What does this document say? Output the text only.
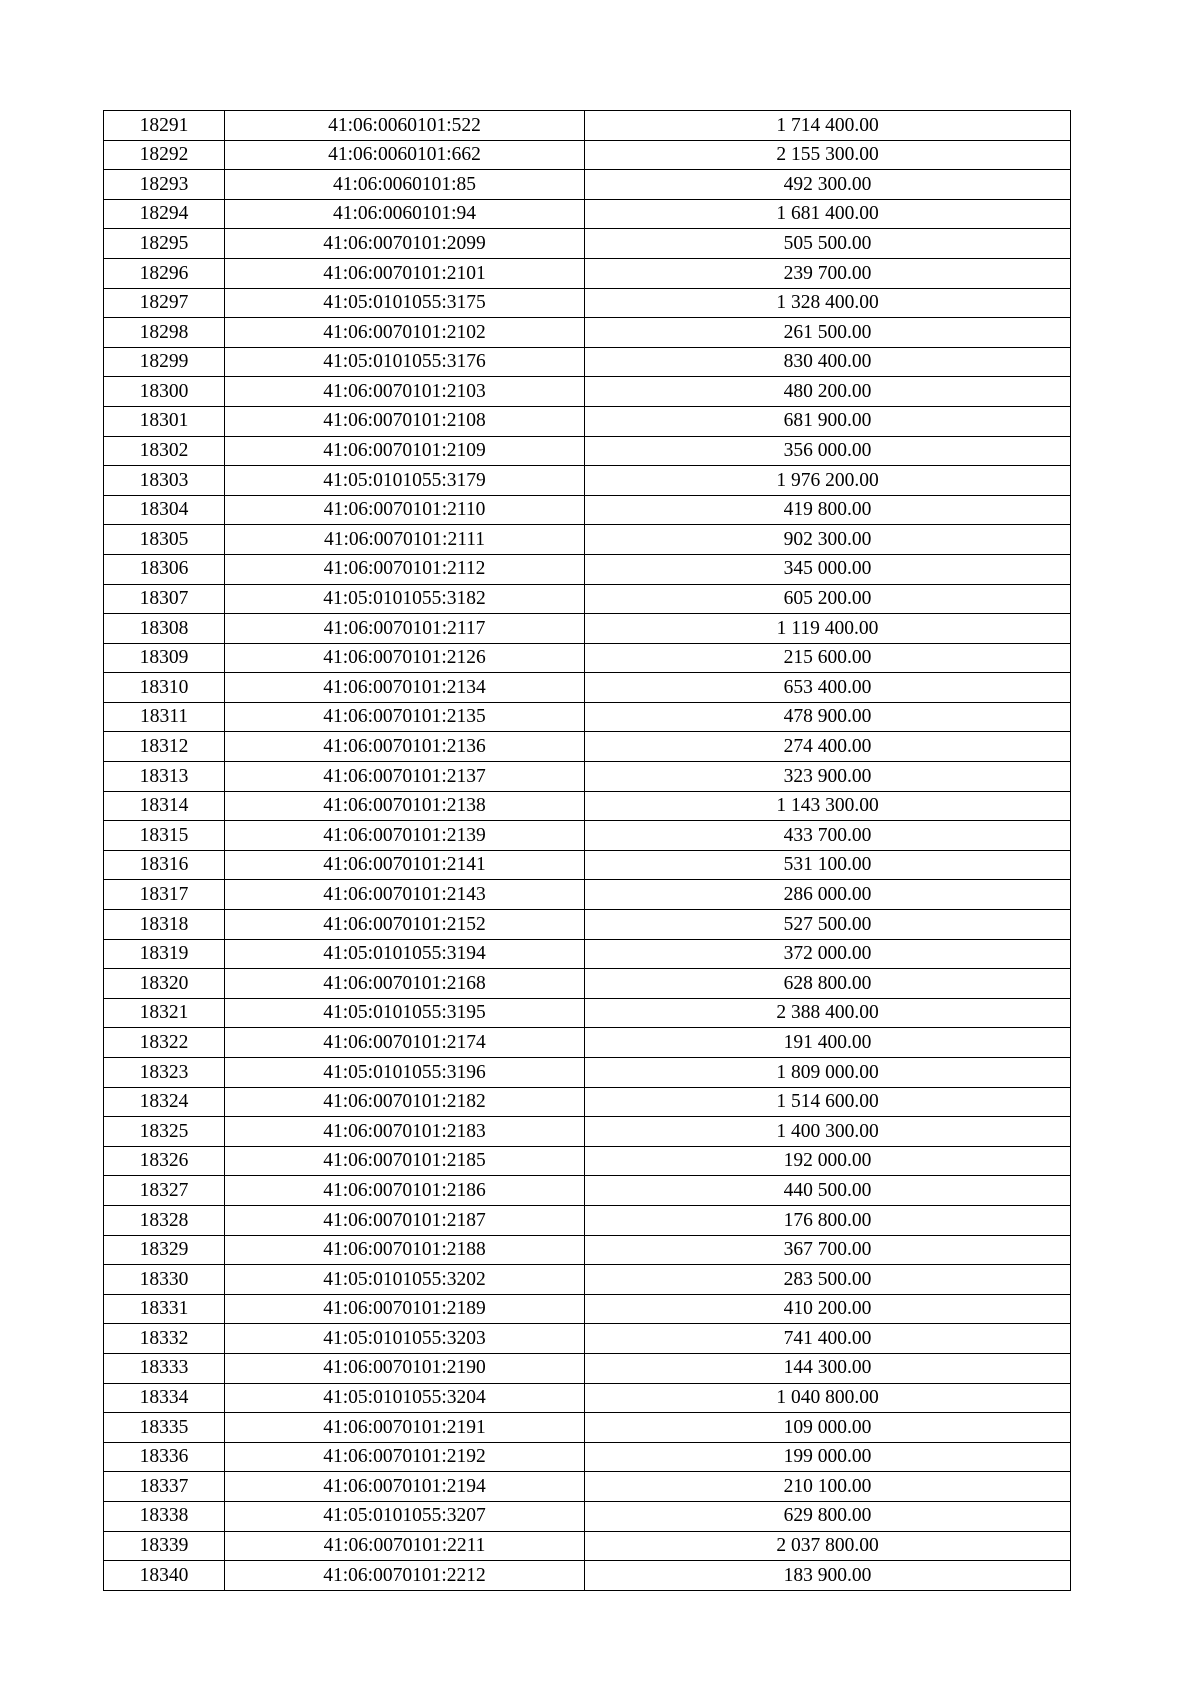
18291	41:06:0060101:522	1 714 400.00
18292	41:06:0060101:662	2 155 300.00
18293	41:06:0060101:85	492 300.00
18294	41:06:0060101:94	1 681 400.00
18295	41:06:0070101:2099	505 500.00
18296	41:06:0070101:2101	239 700.00
18297	41:05:0101055:3175	1 328 400.00
18298	41:06:0070101:2102	261 500.00
18299	41:05:0101055:3176	830 400.00
18300	41:06:0070101:2103	480 200.00
18301	41:06:0070101:2108	681 900.00
18302	41:06:0070101:2109	356 000.00
18303	41:05:0101055:3179	1 976 200.00
18304	41:06:0070101:2110	419 800.00
18305	41:06:0070101:2111	902 300.00
18306	41:06:0070101:2112	345 000.00
18307	41:05:0101055:3182	605 200.00
18308	41:06:0070101:2117	1 119 400.00
18309	41:06:0070101:2126	215 600.00
18310	41:06:0070101:2134	653 400.00
18311	41:06:0070101:2135	478 900.00
18312	41:06:0070101:2136	274 400.00
18313	41:06:0070101:2137	323 900.00
18314	41:06:0070101:2138	1 143 300.00
18315	41:06:0070101:2139	433 700.00
18316	41:06:0070101:2141	531 100.00
18317	41:06:0070101:2143	286 000.00
18318	41:06:0070101:2152	527 500.00
18319	41:05:0101055:3194	372 000.00
18320	41:06:0070101:2168	628 800.00
18321	41:05:0101055:3195	2 388 400.00
18322	41:06:0070101:2174	191 400.00
18323	41:05:0101055:3196	1 809 000.00
18324	41:06:0070101:2182	1 514 600.00
18325	41:06:0070101:2183	1 400 300.00
18326	41:06:0070101:2185	192 000.00
18327	41:06:0070101:2186	440 500.00
18328	41:06:0070101:2187	176 800.00
18329	41:06:0070101:2188	367 700.00
18330	41:05:0101055:3202	283 500.00
18331	41:06:0070101:2189	410 200.00
18332	41:05:0101055:3203	741 400.00
18333	41:06:0070101:2190	144 300.00
18334	41:05:0101055:3204	1 040 800.00
18335	41:06:0070101:2191	109 000.00
18336	41:06:0070101:2192	199 000.00
18337	41:06:0070101:2194	210 100.00
18338	41:05:0101055:3207	629 800.00
18339	41:06:0070101:2211	2 037 800.00
18340	41:06:0070101:2212	183 900.00
